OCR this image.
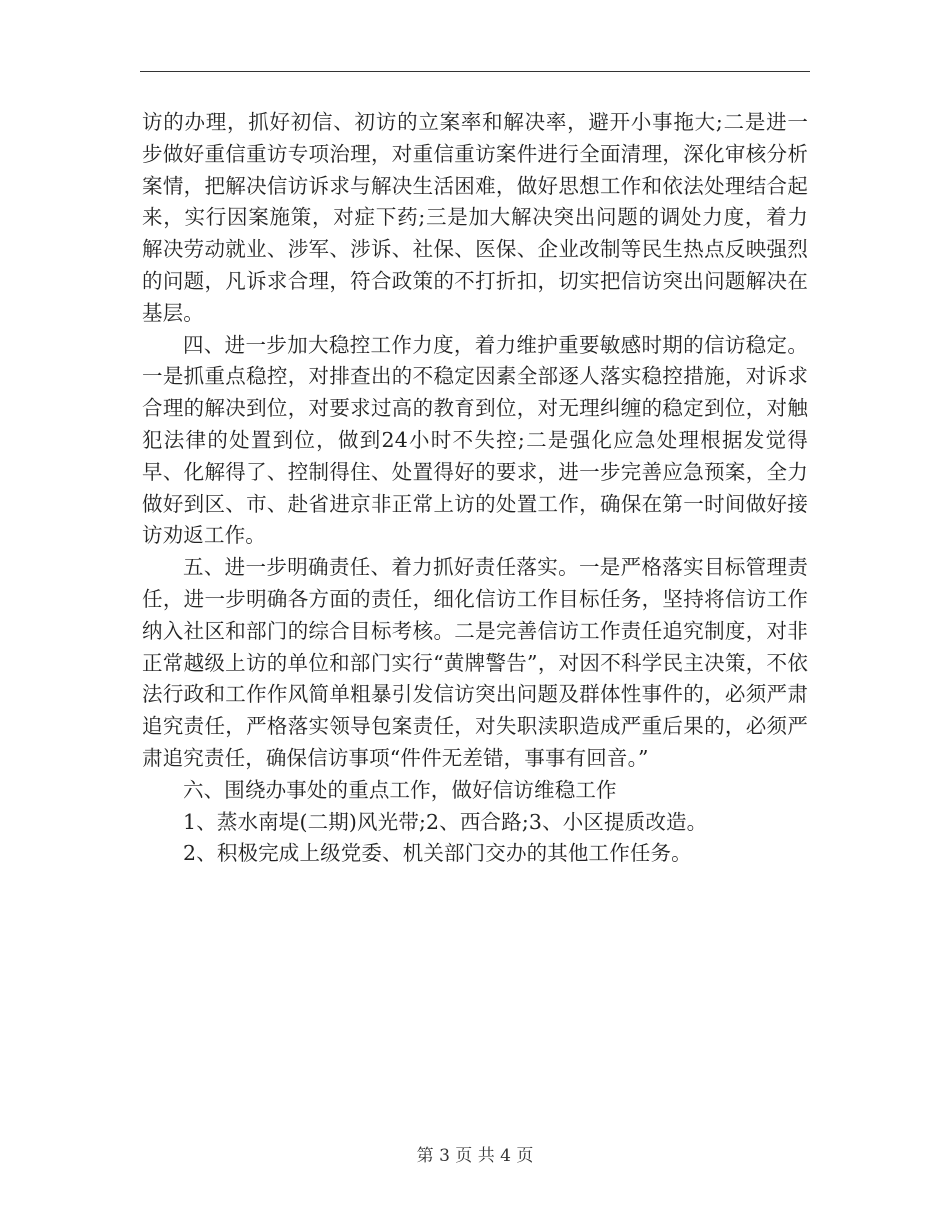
访的办理，抓好初信、初访的立案率和解决率，避开小事拖大;二是进一步做好重信重访专项治理，对重信重访案件进行全面清理，深化审核分析案情，把解决信访诉求与解决生活困难，做好思想工作和依法处理结合起来，实行因案施策，对症下药;三是加大解决突出问题的调处力度，着力解决劳动就业、涉军、涉诉、社保、医保、企业改制等民生热点反映强烈的问题，凡诉求合理，符合政策的不打折扣，切实把信访突出问题解决在基层。

四、进一步加大稳控工作力度，着力维护重要敏感时期的信访稳定。一是抓重点稳控，对排查出的不稳定因素全部逐人落实稳控措施，对诉求合理的解决到位，对要求过高的教育到位，对无理纠缠的稳定到位，对触犯法律的处置到位，做到24小时不失控;二是强化应急处理根据发觉得早、化解得了、控制得住、处置得好的要求，进一步完善应急预案，全力做好到区、市、赴省进京非正常上访的处置工作，确保在第一时间做好接访劝返工作。

五、进一步明确责任、着力抓好责任落实。一是严格落实目标管理责任，进一步明确各方面的责任，细化信访工作目标任务，坚持将信访工作纳入社区和部门的综合目标考核。二是完善信访工作责任追究制度，对非正常越级上访的单位和部门实行“黄牌警告”，对因不科学民主决策，不依法行政和工作作风简单粗暴引发信访突出问题及群体性事件的，必须严肃追究责任，严格落实领导包案责任，对失职渎职造成严重后果的，必须严肃追究责任，确保信访事项“件件无差错，事事有回音。”

六、围绕办事处的重点工作，做好信访维稳工作

1、蒸水南堤(二期)风光带;2、西合路;3、小区提质改造。

2、积极完成上级党委、机关部门交办的其他工作任务。

第 3 页 共 4 页
